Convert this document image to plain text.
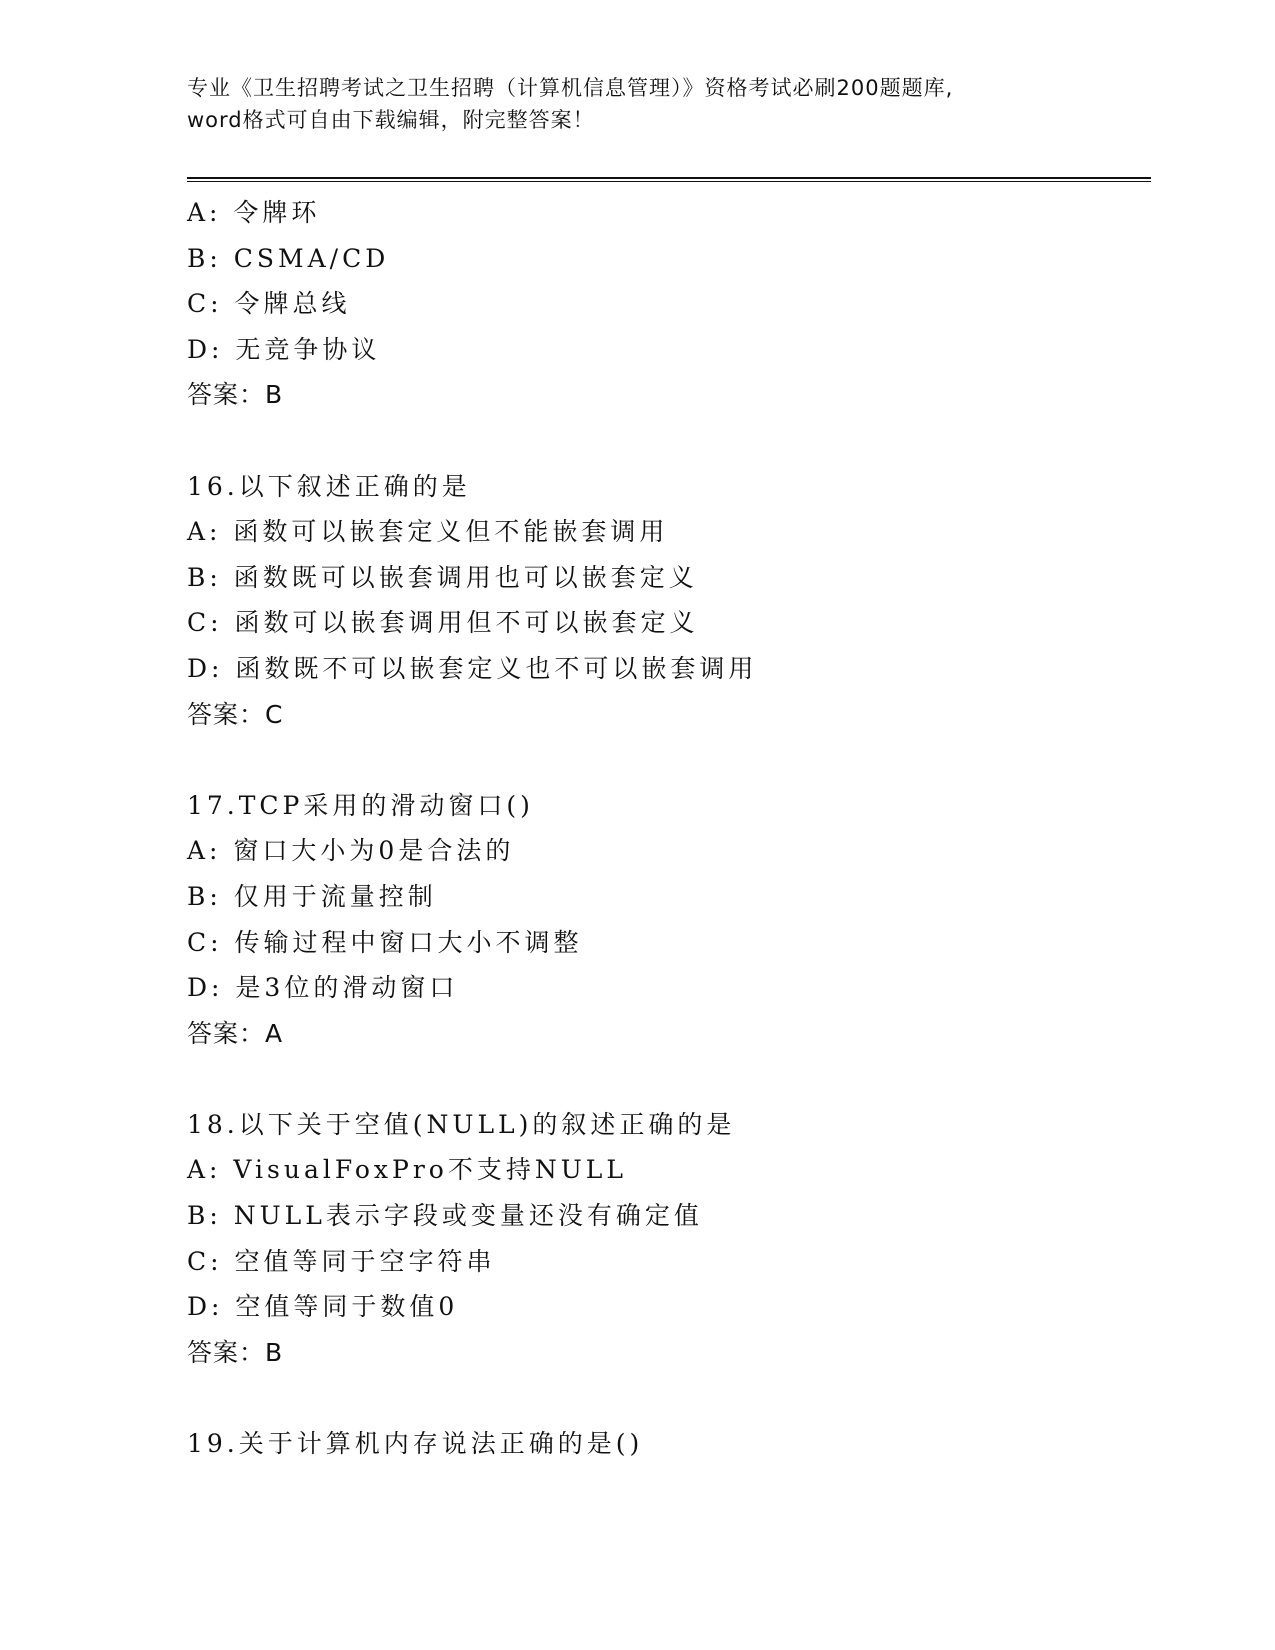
专业《卫生招聘考试之卫生招聘（计算机信息管理）》资格考试必刷200题题库,
word格式可自由下载编辑，附完整答案！
A: 令牌环
B: CSMA/CD
C: 令牌总线
D: 无竞争协议
答案：B
16.以下叙述正确的是
A: 函数可以嵌套定义但不能嵌套调用
B: 函数既可以嵌套调用也可以嵌套定义
C: 函数可以嵌套调用但不可以嵌套定义
D: 函数既不可以嵌套定义也不可以嵌套调用
答案：C
17.TCP采用的滑动窗口()
A: 窗口大小为0是合法的
B: 仅用于流量控制
C: 传输过程中窗口大小不调整
D: 是3位的滑动窗口
答案：A
18.以下关于空值(NULL)的叙述正确的是
A: VisualFoxPro不支持NULL
B: NULL表示字段或变量还没有确定值
C: 空值等同于空字符串
D: 空值等同于数值0
答案：B
19.关于计算机内存说法正确的是()
